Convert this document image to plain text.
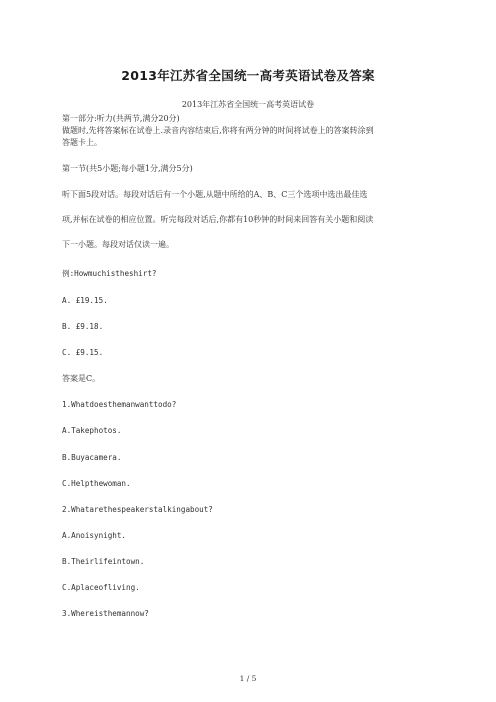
2013年江苏省全国统一高考英语试卷及答案
2013年江苏省全国统一高考英语试卷
第一部分:听力(共两节,满分20分)
做题时,先将答案标在试卷上.录音内容结束后,你将有两分钟的时间将试卷上的答案转涂到
答题卡上。
第一节(共5小题;每小题1分,满分5分)
听下面5段对话。每段对话后有一个小题,从题中所给的A、B、C三个选项中选出最佳选
项,并标在试卷的相应位置。听完每段对话后,你都有10秒钟的时间来回答有关小题和阅读
下一小题。每段对话仅读一遍。
例:Howmuchistheshirt?
A. £19.15.
B. £9.18.
C. £9.15.
答案是C。
1.Whatdoesthemanwanttodo?
A.Takephotos.
B.Buyacamera.
C.Helpthewoman.
2.Whatarethespeakerstalkingabout?
A.Anoisynight.
B.Theirlifeintown.
C.Aplaceofliving.
3.Whereisthemannow?
1 / 5
